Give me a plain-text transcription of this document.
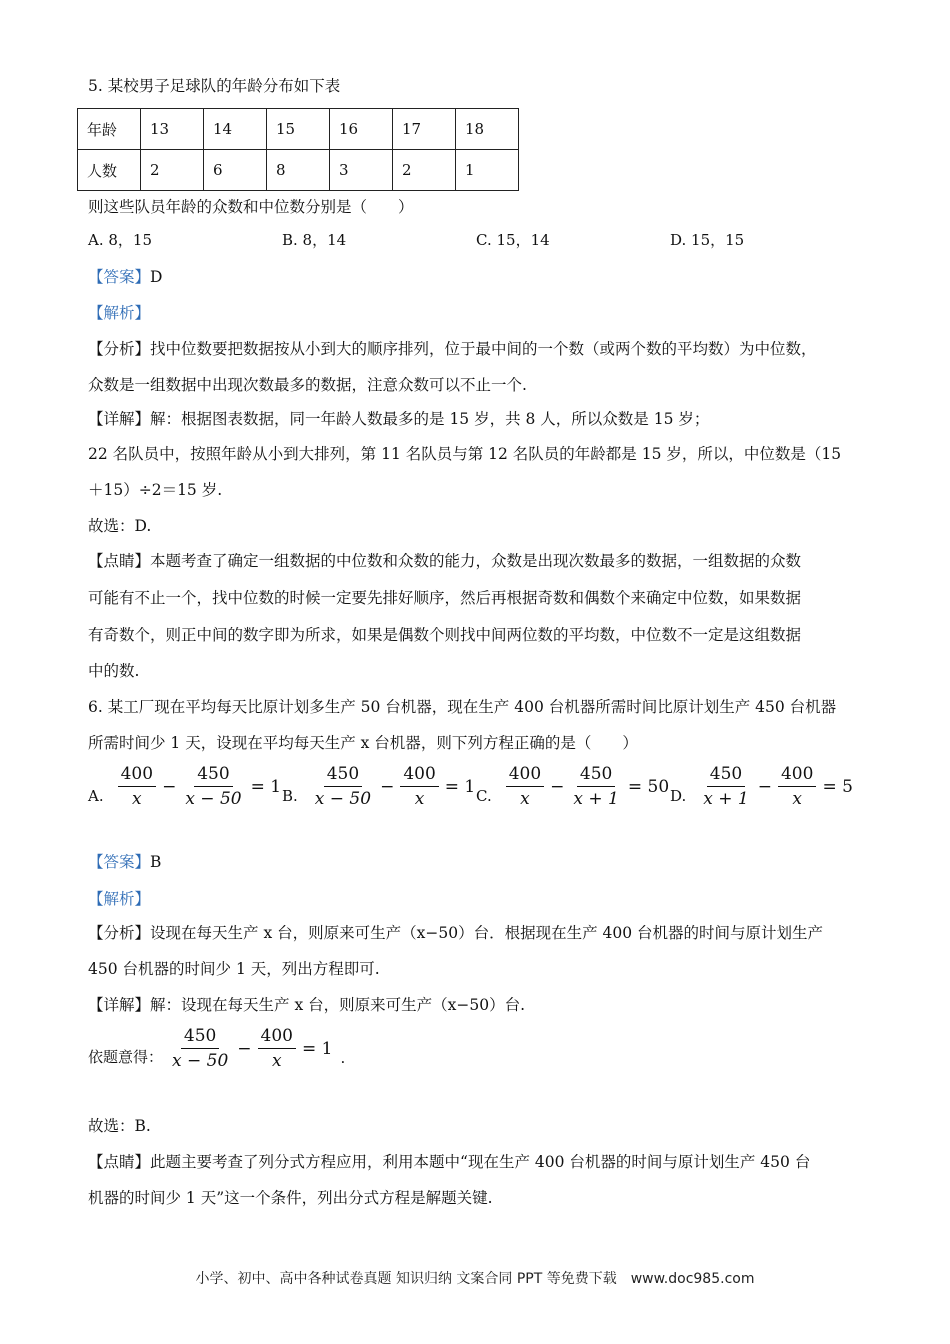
5. 某校男子足球队的年龄分布如下表
年龄	13	14	15	16	17	18
人数	2	6	8	3	2	1
则这些队员年龄的众数和中位数分别是（　　）
A. 8，15	B. 8，14	C. 15，14	D. 15，15
【答案】D
【解析】
【分析】找中位数要把数据按从小到大的顺序排列，位于最中间的一个数（或两个数的平均数）为中位数，
众数是一组数据中出现次数最多的数据，注意众数可以不止一个.
【详解】解：根据图表数据，同一年龄人数最多的是 15 岁，共 8 人，所以众数是 15 岁；
22 名队员中，按照年龄从小到大排列，第 11 名队员与第 12 名队员的年龄都是 15 岁，所以，中位数是（15
＋15）÷2＝15 岁.
故选：D.
【点睛】本题考查了确定一组数据的中位数和众数的能力，众数是出现次数最多的数据，一组数据的众数
可能有不止一个，找中位数的时候一定要先排好顺序，然后再根据奇数和偶数个来确定中位数，如果数据
有奇数个，则正中间的数字即为所求，如果是偶数个则找中间两位数的平均数，中位数不一定是这组数据
中的数.
6. 某工厂现在平均每天比原计划多生产 50 台机器，现在生产 400 台机器所需时间比原计划生产 450 台机器
所需时间少 1 天，设现在平均每天生产 x 台机器，则下列方程正确的是（　　）
A. $\frac{400}{x} - \frac{450}{x - 50} = 1$ B. $\frac{450}{x - 50} - \frac{400}{x} = 1$ C. $\frac{400}{x} - \frac{450}{x + 1} = 50$ D. $\frac{450}{x + 1} - \frac{400}{x} = 5$
【答案】B
【解析】
【分析】设现在每天生产 x 台，则原来可生产（x−50）台．根据现在生产 400 台机器的时间与原计划生产
450 台机器的时间少 1 天，列出方程即可.
【详解】解：设现在每天生产 x 台，则原来可生产（x−50）台.
依题意得： $\frac{450}{x - 50} - \frac{400}{x} = 1$ .
故选：B.
【点睛】此题主要考查了列分式方程应用，利用本题中“现在生产 400 台机器的时间与原计划生产 450 台
机器的时间少 1 天”这一个条件，列出分式方程是解题关键.
小学、初中、高中各种试卷真题 知识归纳 文案合同 PPT 等免费下载　www.doc985.com
